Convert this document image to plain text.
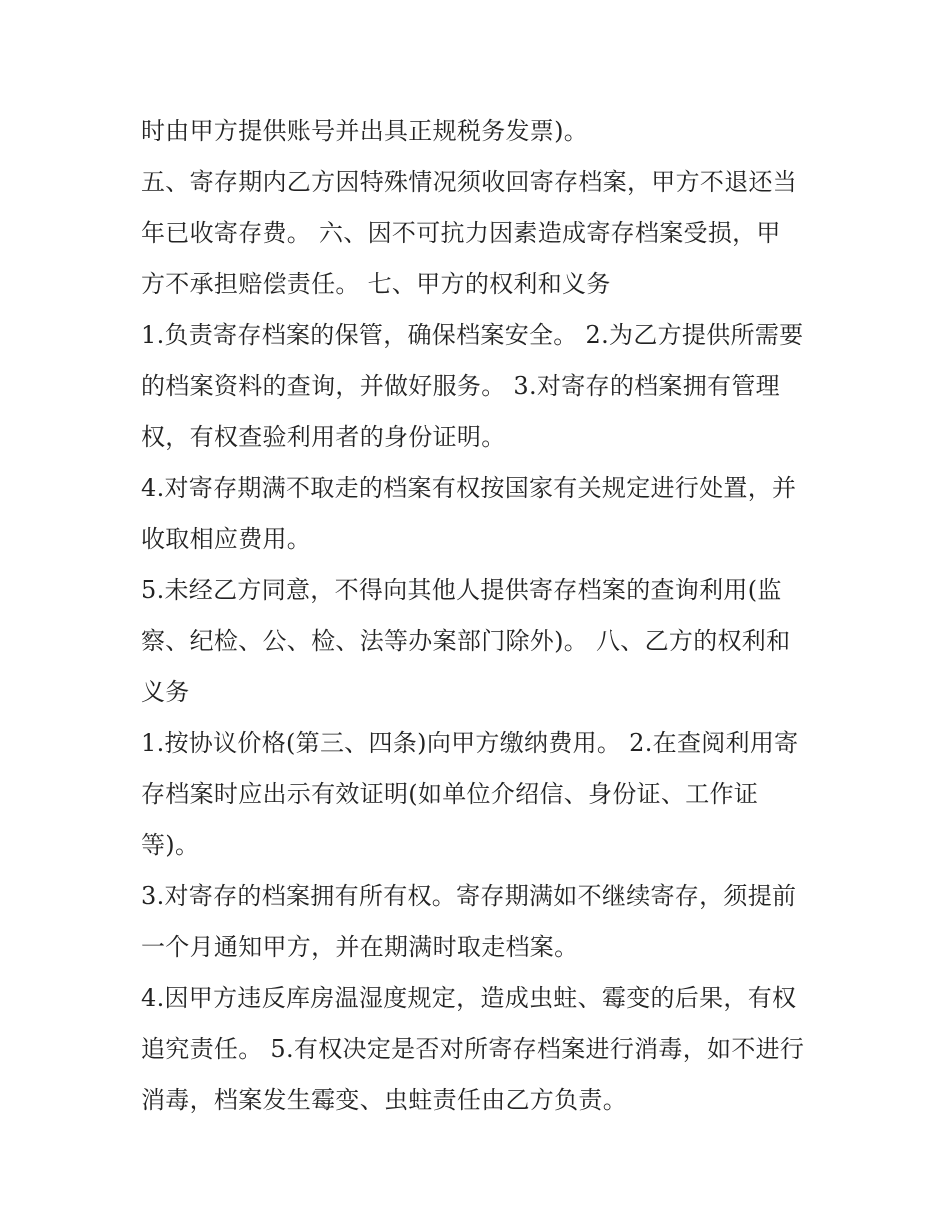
时由甲方提供账号并出具正规税务发票)。
五、寄存期内乙方因特殊情况须收回寄存档案，甲方不退还当
年已收寄存费。 六、因不可抗力因素造成寄存档案受损，甲
方不承担赔偿责任。 七、甲方的权利和义务
1.负责寄存档案的保管，确保档案安全。 2.为乙方提供所需要
的档案资料的查询，并做好服务。 3.对寄存的档案拥有管理
权，有权查验利用者的身份证明。
4.对寄存期满不取走的档案有权按国家有关规定进行处置，并
收取相应费用。
5.未经乙方同意，不得向其他人提供寄存档案的查询利用(监
察、纪检、公、检、法等办案部门除外)。 八、乙方的权利和
义务
1.按协议价格(第三、四条)向甲方缴纳费用。 2.在查阅利用寄
存档案时应出示有效证明(如单位介绍信、身份证、工作证
等)。
3.对寄存的档案拥有所有权。寄存期满如不继续寄存，须提前
一个月通知甲方，并在期满时取走档案。
4.因甲方违反库房温湿度规定，造成虫蛀、霉变的后果，有权
追究责任。 5.有权决定是否对所寄存档案进行消毒，如不进行
消毒，档案发生霉变、虫蛀责任由乙方负责。
